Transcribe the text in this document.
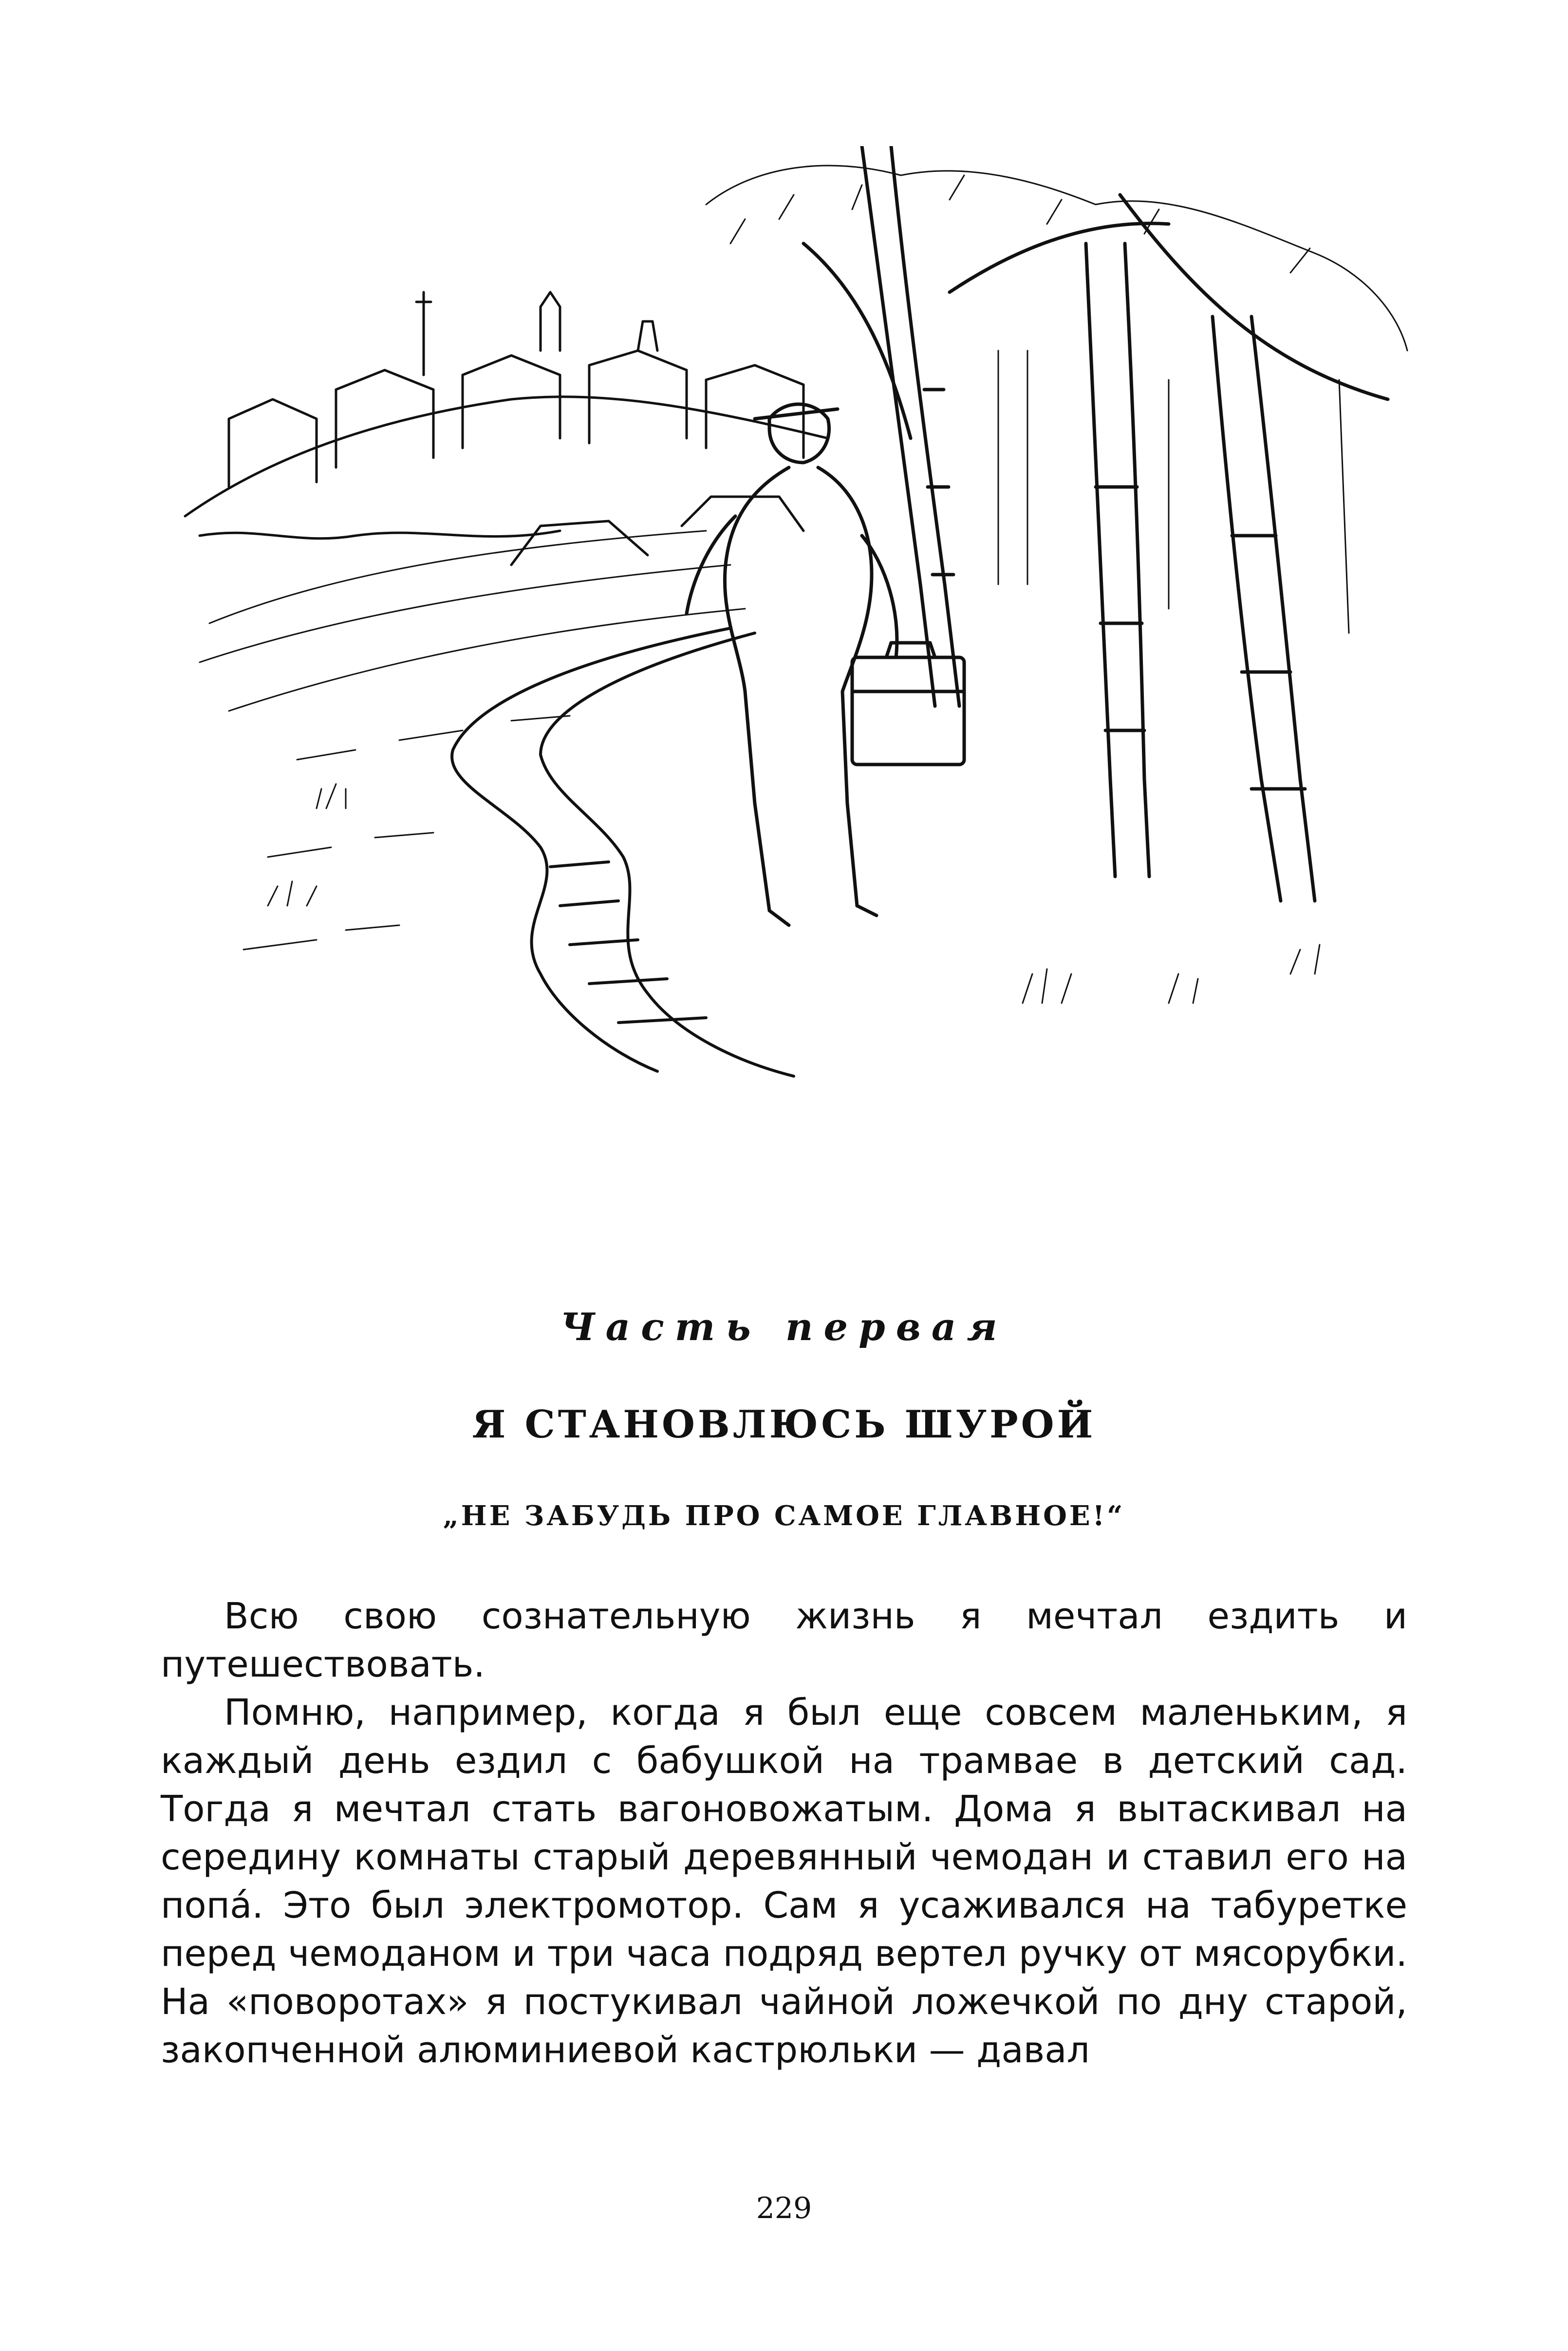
Часть первая
Я СТАНОВЛЮСЬ ШУРОЙ
„НЕ ЗАБУДЬ ПРО САМОЕ ГЛАВНОЕ!“

Всю свою сознательную жизнь я мечтал ездить и путешествовать.

Помню, например, когда я был еще совсем маленьким, я каждый день ездил с бабушкой на трамвае в детский сад. Тогда я мечтал стать вагоновожатым. Дома я вытаскивал на середину комнаты старый деревянный чемодан и ставил его на попа́. Это был электромотор. Сам я усаживался на табуретке перед чемоданом и три часа подряд вертел ручку от мясорубки. На «поворотах» я постукивал чайной ложечкой по дну старой, закопченной алюминиевой кастрюльки — давал

229
